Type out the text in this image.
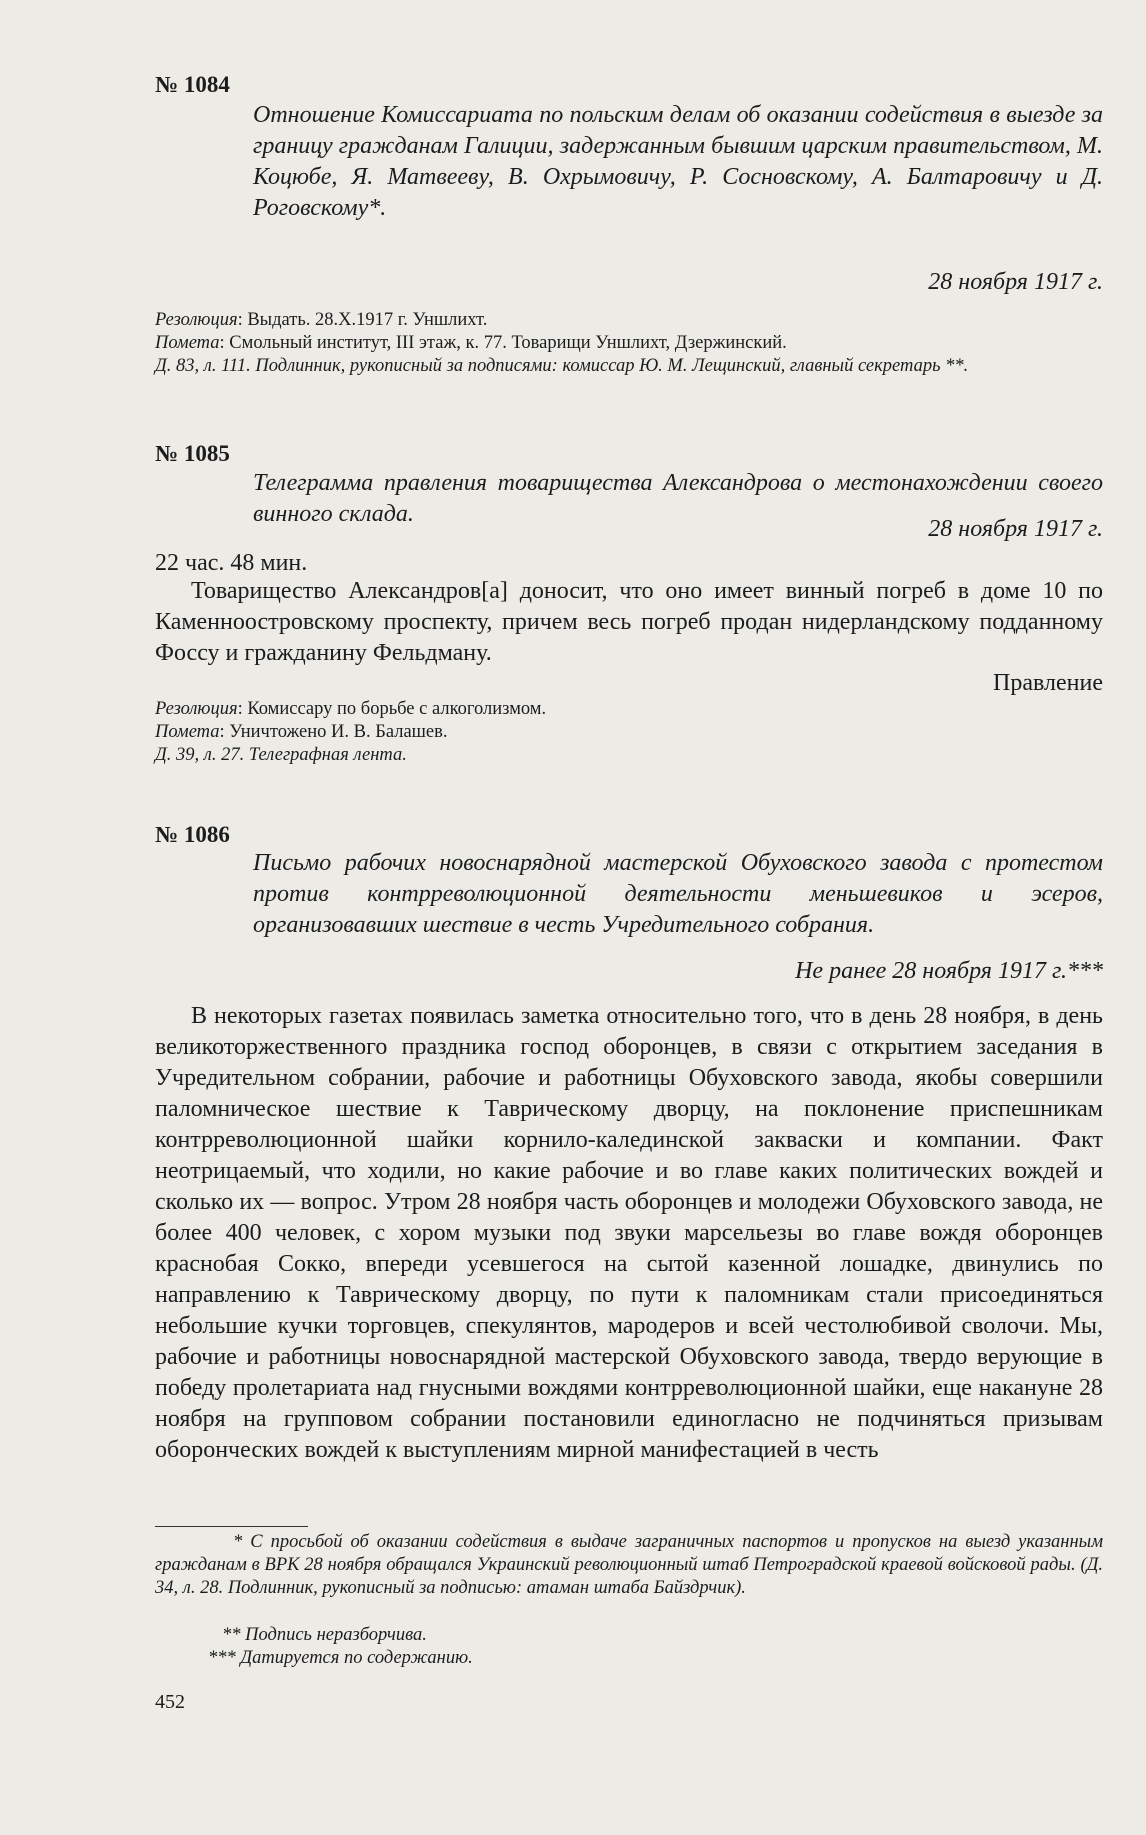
№ 1084
Отношение Комиссариата по польским делам об оказании содействия в выезде за границу гражданам Галиции, задержанным бывшим царским правительством, М. Коцюбе, Я. Матвееву, В. Охрымовичу, Р. Сосновскому, А. Балтаровичу и Д. Роговскому*.
28 ноября 1917 г.
Резолюция: Выдать. 28.X.1917 г. Уншлихт.
Помета: Смольный институт, III этаж, к. 77. Товарищи Уншлихт, Дзержинский.
Д. 83, л. 111. Подлинник, рукописный за подписями: комиссар Ю. М. Лещинский, главный секретарь **.
№ 1085
Телеграмма правления товарищества Александрова о местонахождении своего винного склада.
28 ноября 1917 г.
22 час. 48 мин.
Товарищество Александров[а] доносит, что оно имеет винный погреб в доме 10 по Каменноостровскому проспекту, причем весь погреб продан нидерландскому подданному Фоссу и гражданину Фельдману.
Правление
Резолюция: Комиссару по борьбе с алкоголизмом.
Помета: Уничтожено И. В. Балашев.
Д. 39, л. 27. Телеграфная лента.
№ 1086
Письмо рабочих новоснарядной мастерской Обуховского завода с протестом против контрреволюционной деятельности меньшевиков и эсеров, организовавших шествие в честь Учредительного собрания.
Не ранее 28 ноября 1917 г.***
В некоторых газетах появилась заметка относительно того, что в день 28 ноября, в день великоторжественного праздника господ оборонцев, в связи с открытием заседания в Учредительном собрании, рабочие и работницы Обуховского завода, якобы совершили паломническое шествие к Таврическому дворцу, на поклонение приспешникам контрреволюционной шайки корнило-калединской закваски и компании. Факт неотрицаемый, что ходили, но какие рабочие и во главе каких политических вождей и сколько их — вопрос. Утром 28 ноября часть оборонцев и молодежи Обуховского завода, не более 400 человек, с хором музыки под звуки марсельезы во главе вождя оборонцев краснобая Сокко, впереди усевшегося на сытой казенной лошадке, двинулись по направлению к Таврическому дворцу, по пути к паломникам стали присоединяться небольшие кучки торговцев, спекулянтов, мародеров и всей честолюбивой сволочи. Мы, рабочие и работницы новоснарядной мастерской Обуховского завода, твердо верующие в победу пролетариата над гнусными вождями контрреволюционной шайки, еще накануне 28 ноября на групповом собрании постановили единогласно не подчиняться призывам оборонческих вождей к выступлениям мирной манифестацией в честь
* С просьбой об оказании содействия в выдаче заграничных паспортов и пропусков на выезд указанным гражданам в ВРК 28 ноября обращался Украинский революционный штаб Петроградской краевой войсковой рады. (Д. 34, л. 28. Подлинник, рукописный за подписью: атаман штаба Байздрчик).
** Подпись неразборчива.
*** Датируется по содержанию.
452
